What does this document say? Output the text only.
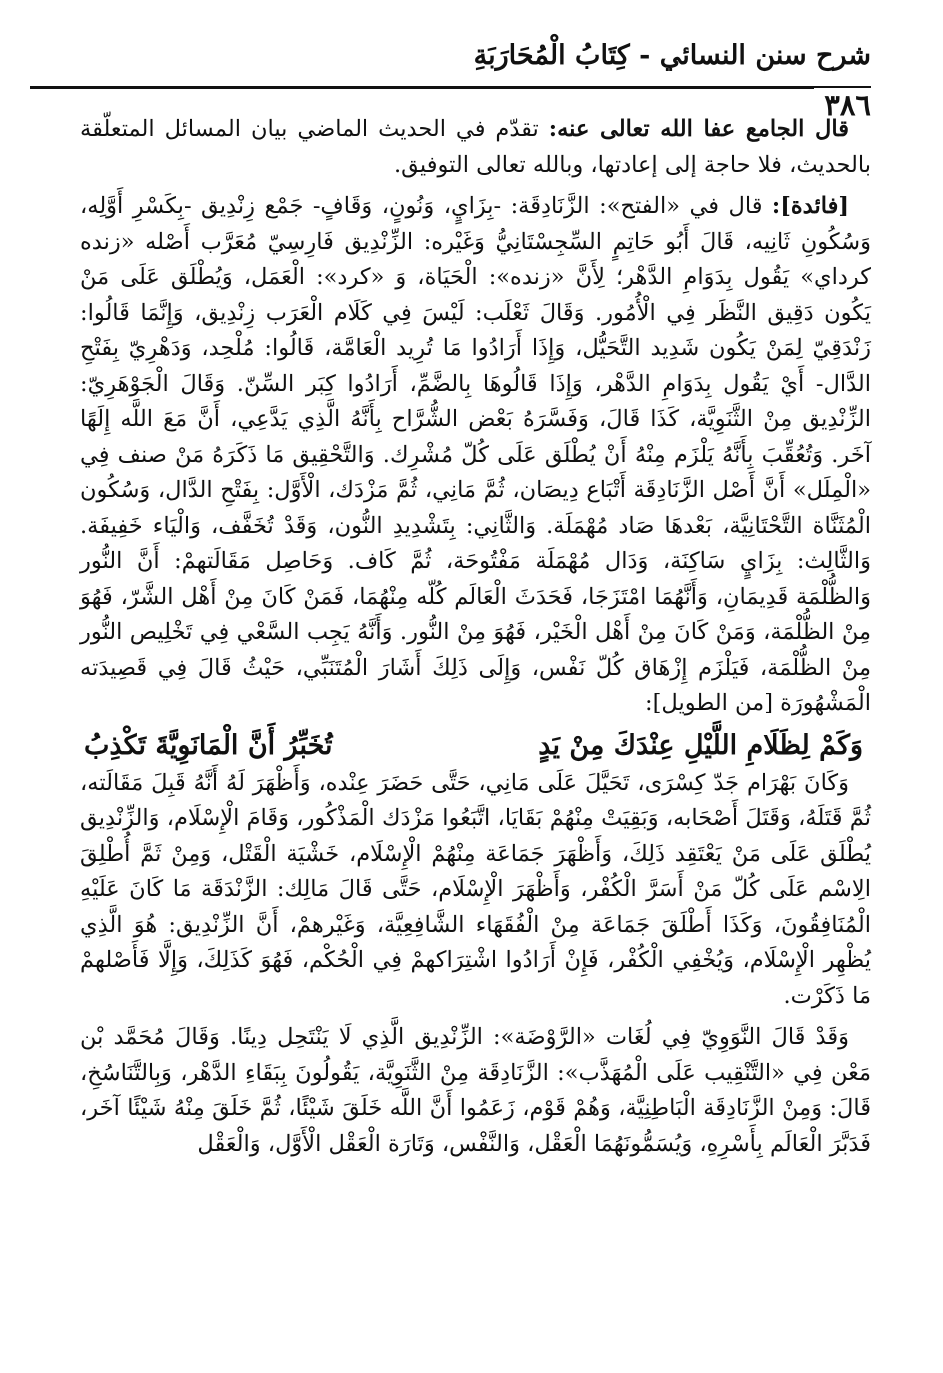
شرح سنن النسائي - كِتَابُ الْمُحَارَبَةِ
٣٨٦

قال الجامع عفا الله تعالى عنه: تقدّم في الحديث الماضي بيان المسائل المتعلّقة بالحديث، فلا حاجة إلى إعادتها، وبالله تعالى التوفيق.

[فائدة]: قال في «الفتح»: الزَّنَادِقَة: -بِزَايٍ، وَنُونٍ، وَقَافٍ- جَمْع زِنْدِيق -بِكَسْرِ أَوَّلِه، وَسُكُونِ ثَانِيه، قَالَ أَبُو حَاتِمٍ السِّجِسْتَانِيُّ وَغَيْره: الزِّنْدِيق فَارِسِيّ مُعَرَّب أَصْله «زنده كرداي» يَقُول بِدَوَامِ الدَّهْر؛ لِأَنَّ «زنده»: الْحَيَاة، وَ «كرد»: الْعَمَل، وَيُطْلَق عَلَى مَنْ يَكُون دَقِيق النَّظَر فِي الْأُمُور. وَقَالَ ثَعْلَب: لَيْسَ فِي كَلَام الْعَرَب زِنْدِيق، وَإِنَّمَا قَالُوا: زَنْدَقِيّ لِمَنْ يَكُون شَدِيد التَّحَيُّل، وَإِذَا أَرَادُوا مَا تُرِيد الْعَامَّة، قَالُوا: مُلْحِد، وَدَهْرِيّ بِفَتْحِ الدَّال- أَيْ يَقُول بِدَوَامِ الدَّهْر، وَإِذَا قَالُوهَا بِالضَّمِّ، أَرَادُوا كِبَر السِّنّ. وَقَالَ الْجَوْهَرِيّ: الزِّنْدِيق مِنْ الثَّنَوِيَّة، كَذَا قَالَ، وَفَسَّرَهُ بَعْض الشُّرَّاح بِأَنَّهُ الَّذِي يَدَّعِي، أَنَّ مَعَ اللَّه إِلَهًا آخَر. وَتُعُقِّبَ بِأَنَّهُ يَلْزَم مِنْهُ أَنْ يُطْلَق عَلَى كُلّ مُشْرِك. وَالتَّحْقِيق مَا ذَكَرَهُ مَنْ صنف فِي «الْمِلَل» أَنَّ أَصْل الزَّنَادِقَة أَتْبَاع دِيصَان، ثُمَّ مَانِي، ثُمَّ مَزْدَك، الْأَوَّل: بِفَتْحِ الدَّال، وَسُكُون الْمُثَنَّاة التَّحْتَانِيَّة، بَعْدهَا صَاد مُهْمَلَة. وَالثَّانِي: بِتَشْدِيدِ النُّون، وَقَدْ تُخَفَّف، وَالْيَاء خَفِيفَة. وَالثَّالِث: بِزَايٍ سَاكِنَة، وَدَال مُهْمَلَة مَفْتُوحَة، ثُمَّ كَاف. وَحَاصِل مَقَالَتهمْ: أَنَّ النُّور وَالظُّلْمَة قَدِيمَانِ، وَأَنَّهُمَا امْتَزَجَا، فَحَدَثَ الْعَالَم كُلّه مِنْهُمَا، فَمَنْ كَانَ مِنْ أَهْل الشَّرّ، فَهُوَ مِنْ الظُّلْمَة، وَمَنْ كَانَ مِنْ أَهْل الْخَيْر، فَهُوَ مِنْ النُّور. وَأَنَّهُ يَجِب السَّعْي فِي تَخْلِيص النُّور مِنْ الظُّلْمَة، فَيَلْزَم إِزْهَاق كُلّ نَفْس، وَإِلَى ذَلِكَ أَشَارَ الْمُتَنَبِّي، حَيْثُ قَالَ فِي قَصِيدَته الْمَشْهُورَة [من الطويل]:

وَكَمْ لِظَلَامِ اللَّيْلِ عِنْدَكَ مِنْ يَدٍ
تُخَبِّرُ أَنَّ الْمَانَوِيَّةَ تَكْذِبُ

وَكَانَ بَهْرَام جَدّ كِسْرَى، تَحَيَّلَ عَلَى مَانِي، حَتَّى حَضَرَ عِنْده، وَأَظْهَرَ لَهُ أَنَّهُ قَبِلَ مَقَالَته، ثُمَّ قَتَلَهُ، وَقَتَلَ أَصْحَابه، وَبَقِيَتْ مِنْهُمْ بَقَايَا، اتَّبَعُوا مَزْدَك الْمَذْكُور، وَقَامَ الْإِسْلَام، وَالزِّنْدِيق يُطْلَق عَلَى مَنْ يَعْتَقِد ذَلِكَ، وَأَظْهَرَ جَمَاعَة مِنْهُمْ الْإِسْلَام، خَشْيَة الْقَتْل، وَمِنْ ثَمَّ أُطْلِقَ الِاسْم عَلَى كُلّ مَنْ أَسَرَّ الْكُفْر، وَأَظْهَرَ الْإِسْلَام، حَتَّى قَالَ مَالِك: الزَّنْدَقَة مَا كَانَ عَلَيْهِ الْمُنَافِقُونَ، وَكَذَا أَطْلَقَ جَمَاعَة مِنْ الْفُقَهَاء الشَّافِعِيَّة، وَغَيْرهمْ، أَنَّ الزِّنْدِيق: هُوَ الَّذِي يُظْهِر الْإِسْلَام، وَيُخْفِي الْكُفْر، فَإِنْ أَرَادُوا اشْتِرَاكهمْ فِي الْحُكْم، فَهُوَ كَذَلِكَ، وَإِلَّا فَأَصْلهمْ مَا ذَكَرْت.

وَقَدْ قَالَ النَّوَوِيّ فِي لُغَات «الرَّوْضَة»: الزِّنْدِيق الَّذِي لَا يَنْتَحِل دِينًا. وَقَالَ مُحَمَّد بْن مَعْن فِي «التَّنْقِيب عَلَى الْمُهَذَّب»: الزَّنَادِقَة مِنْ الثَّنَوِيَّة، يَقُولُونَ بِبَقَاءِ الدَّهْر، وَبِالتَّنَاسُخِ، قَالَ: وَمِنْ الزَّنَادِقَة الْبَاطِنِيَّة، وَهُمْ قَوْم، زَعَمُوا أَنَّ اللَّه خَلَقَ شَيْئًا، ثُمَّ خَلَقَ مِنْهُ شَيْئًا آخَر، فَدَبَّرَ الْعَالَم بِأَسْرِهِ، وَيُسَمُّونَهُمَا الْعَقْل، وَالنَّفْس، وَتَارَة الْعَقْل الْأَوَّل، وَالْعَقْل
